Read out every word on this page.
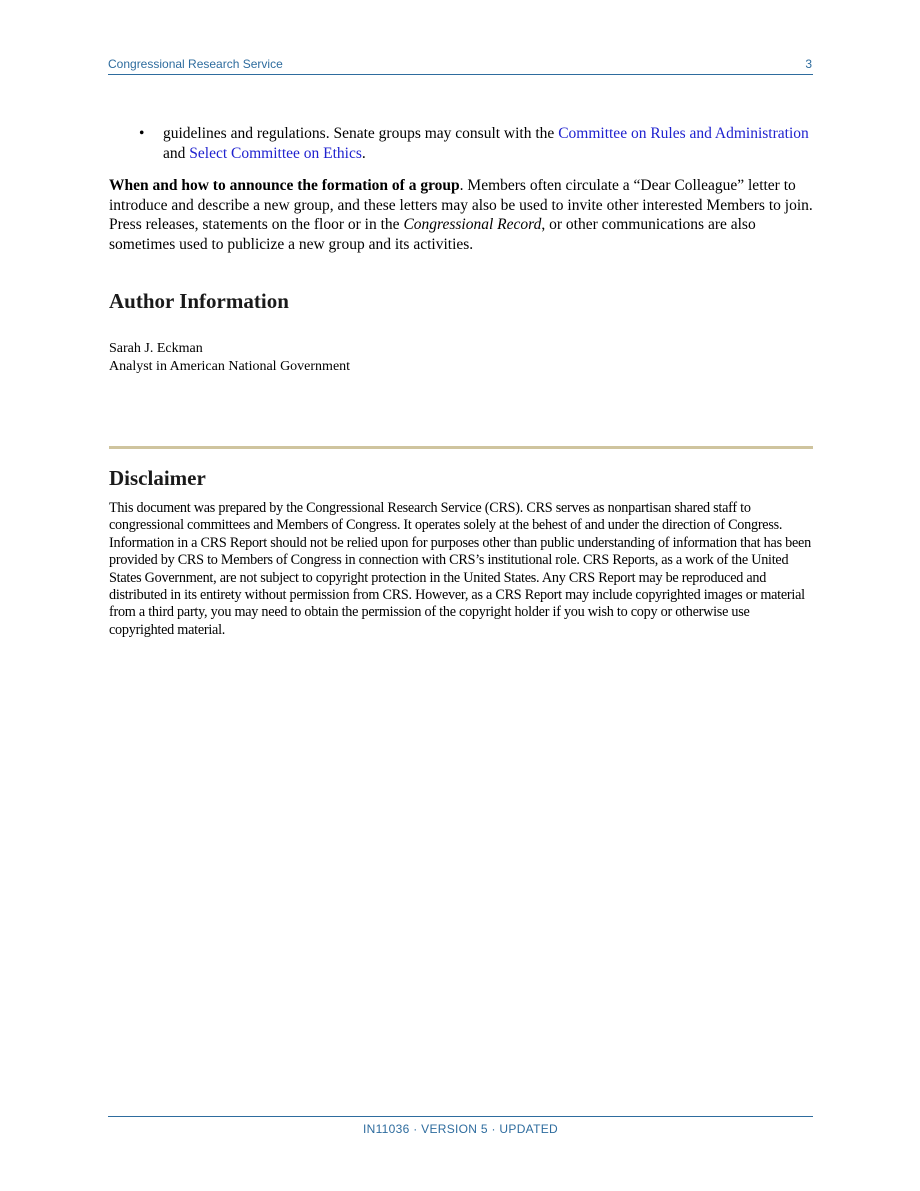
Congressional Research Service	3
• guidelines and regulations. Senate groups may consult with the Committee on Rules and Administration and Select Committee on Ethics.

When and how to announce the formation of a group. Members often circulate a “Dear Colleague” letter to introduce and describe a new group, and these letters may also be used to invite other interested Members to join. Press releases, statements on the floor or in the Congressional Record, or other communications are also sometimes used to publicize a new group and its activities.

Author Information
Sarah J. Eckman
Analyst in American National Government
Disclaimer
This document was prepared by the Congressional Research Service (CRS). CRS serves as nonpartisan shared staff to congressional committees and Members of Congress. It operates solely at the behest of and under the direction of Congress. Information in a CRS Report should not be relied upon for purposes other than public understanding of information that has been provided by CRS to Members of Congress in connection with CRS’s institutional role. CRS Reports, as a work of the United States Government, are not subject to copyright protection in the United States. Any CRS Report may be reproduced and distributed in its entirety without permission from CRS. However, as a CRS Report may include copyrighted images or material from a third party, you may need to obtain the permission of the copyright holder if you wish to copy or otherwise use copyrighted material.
IN11036 · VERSION 5 · UPDATED
